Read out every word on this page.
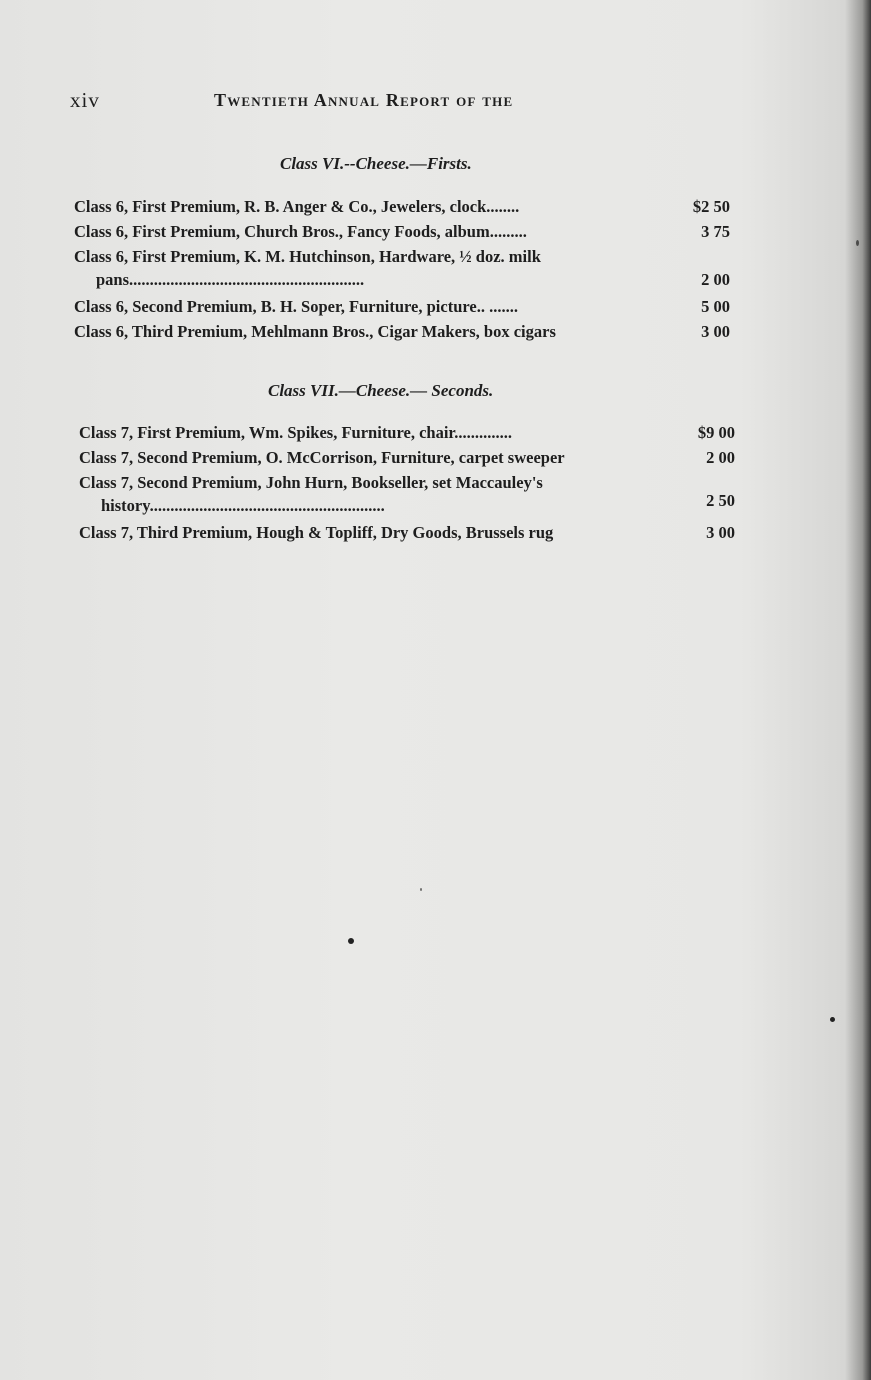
xiv	Twentieth Annual Report of the
Class VI.--Cheese.—Firsts.
Class 6, First Premium, R. B. Anger & Co., Jewelers, clock........	$2 50
Class 6, First Premium, Church Bros., Fancy Foods, album.........	3 75
Class 6, First Premium, K. M. Hutchinson, Hardware, ½ doz. milk
pans.........................................................	2 00
Class 6, Second Premium, B. H. Soper, Furniture, picture.. .......	5 00
Class 6, Third Premium, Mehlmann Bros., Cigar Makers, box cigars	3 00
Class VII.—Cheese.— Seconds.
Class 7, First Premium, Wm. Spikes, Furniture, chair..............	$9 00
Class 7, Second Premium, O. McCorrison, Furniture, carpet sweeper	2 00
Class 7, Second Premium, John Hurn, Bookseller, set Maccauley's
history.........................................................	2 50
Class 7, Third Premium, Hough & Topliff, Dry Goods, Brussels rug	3 00
